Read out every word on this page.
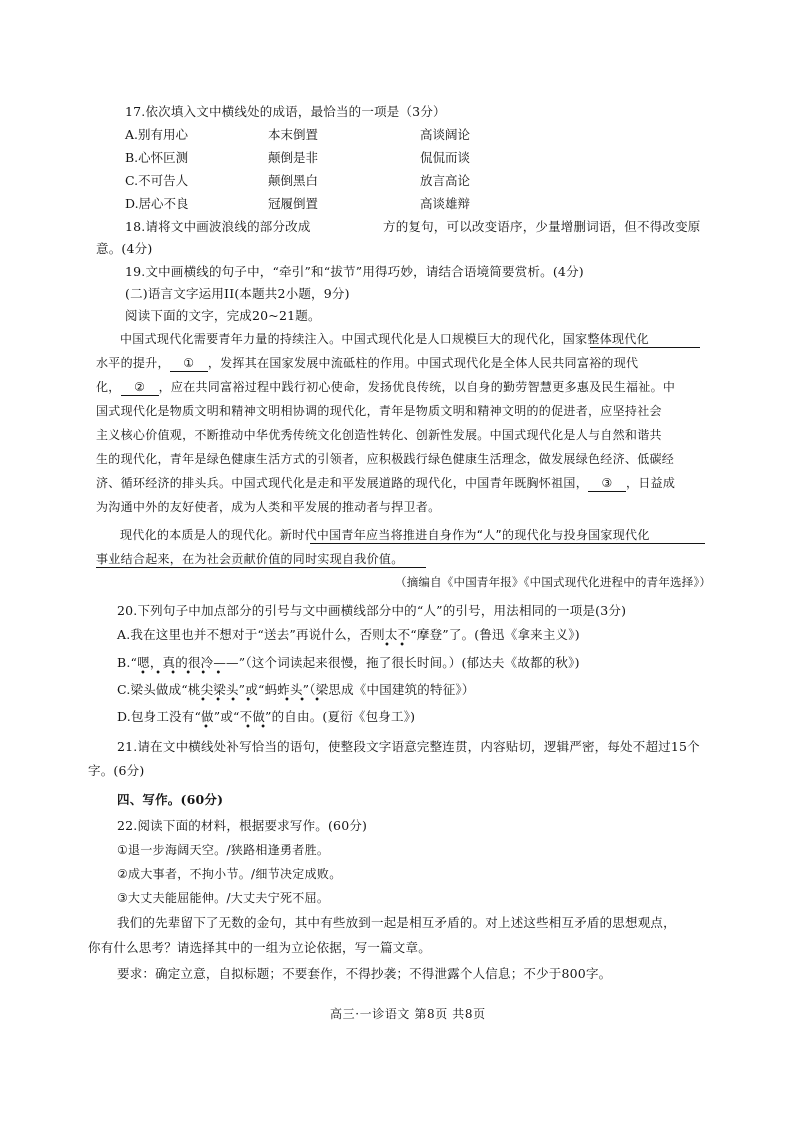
17.依次填入文中横线处的成语，最恰当的一项是（3分）
A.别有用心	本末倒置	高谈阔论
B.心怀叵测	颠倒是非	侃侃而谈
C.不可告人	颠倒黑白	放言高论
D.居心不良	冠履倒置	高谈雄辩
18.请将文中画波浪线的部分改成	方的复句，可以改变语序，少量增删词语，但不得改变原
意。(4分)
19.文中画横线的句子中，“牵引”和“拔节”用得巧妙，请结合语境简要赏析。(4分)
(二)语言文字运用II(本题共2小题，9分)
阅读下面的文字，完成20~21题。
中国式现代化需要青年力量的持续注入。中国式现代化是人口规模巨大的现代化，国家整体现代化
水平的提升， ① ，发挥其在国家发展中流砥柱的作用。中国式现代化是全体人民共同富裕的现代
化， ② ，应在共同富裕过程中践行初心使命，发扬优良传统，以自身的勤劳智慧更多惠及民生福祉。中
国式现代化是物质文明和精神文明相协调的现代化，青年是物质文明和精神文明的的促进者，应坚持社会
主义核心价值观，不断推动中华优秀传统文化创造性转化、创新性发展。中国式现代化是人与自然和谐共
生的现代化，青年是绿色健康生活方式的引领者，应积极践行绿色健康生活理念，做发展绿色经济、低碳经
济、循环经济的排头兵。中国式现代化是走和平发展道路的现代化，中国青年既胸怀祖国， ③ ，日益成
为沟通中外的友好使者，成为人类和平发展的推动者与捍卫者。
现代化的本质是人的现代化。新时代中国青年应当将推进自身作为“人”的现代化与投身国家现代化
事业结合起来，在为社会贡献价值的同时实现自我价值。
（摘编自《中国青年报》《中国式现代化进程中的青年选择》）
20.下列句子中加点部分的引号与文中画横线部分中的“人”的引号，用法相同的一项是(3分)
A.我在这里也并不想对于“送去”再说什么，否则太不“摩登”了。(鲁迅《拿来主义》)
• •
B.“嗯，真的很冷——”（这个词读起来很慢，拖了很长时间。）(郁达夫《故都的秋》)
• • • • • •
C.梁头做成“桃尖梁头”或“蚂蚱头”（梁思成《中国建筑的特征》）
• • • •	• • •
D.包身工没有“做”或“不做”的自由。(夏衍《包身工》)
•	• •
21.请在文中横线处补写恰当的语句，使整段文字语意完整连贯，内容贴切，逻辑严密，每处不超过15个
字。(6分)
四、写作。(60分)
22.阅读下面的材料，根据要求写作。(60分)
①退一步海阔天空。/狭路相逢勇者胜。
②成大事者，不拘小节。/细节决定成败。
③大丈夫能屈能伸。/大丈夫宁死不屈。
我们的先辈留下了无数的金句，其中有些放到一起是相互矛盾的。对上述这些相互矛盾的思想观点，
你有什么思考？请选择其中的一组为立论依据，写一篇文章。
要求：确定立意，自拟标题；不要套作，不得抄袭；不得泄露个人信息；不少于800字。
高三·一诊语文 第8页 共8页
